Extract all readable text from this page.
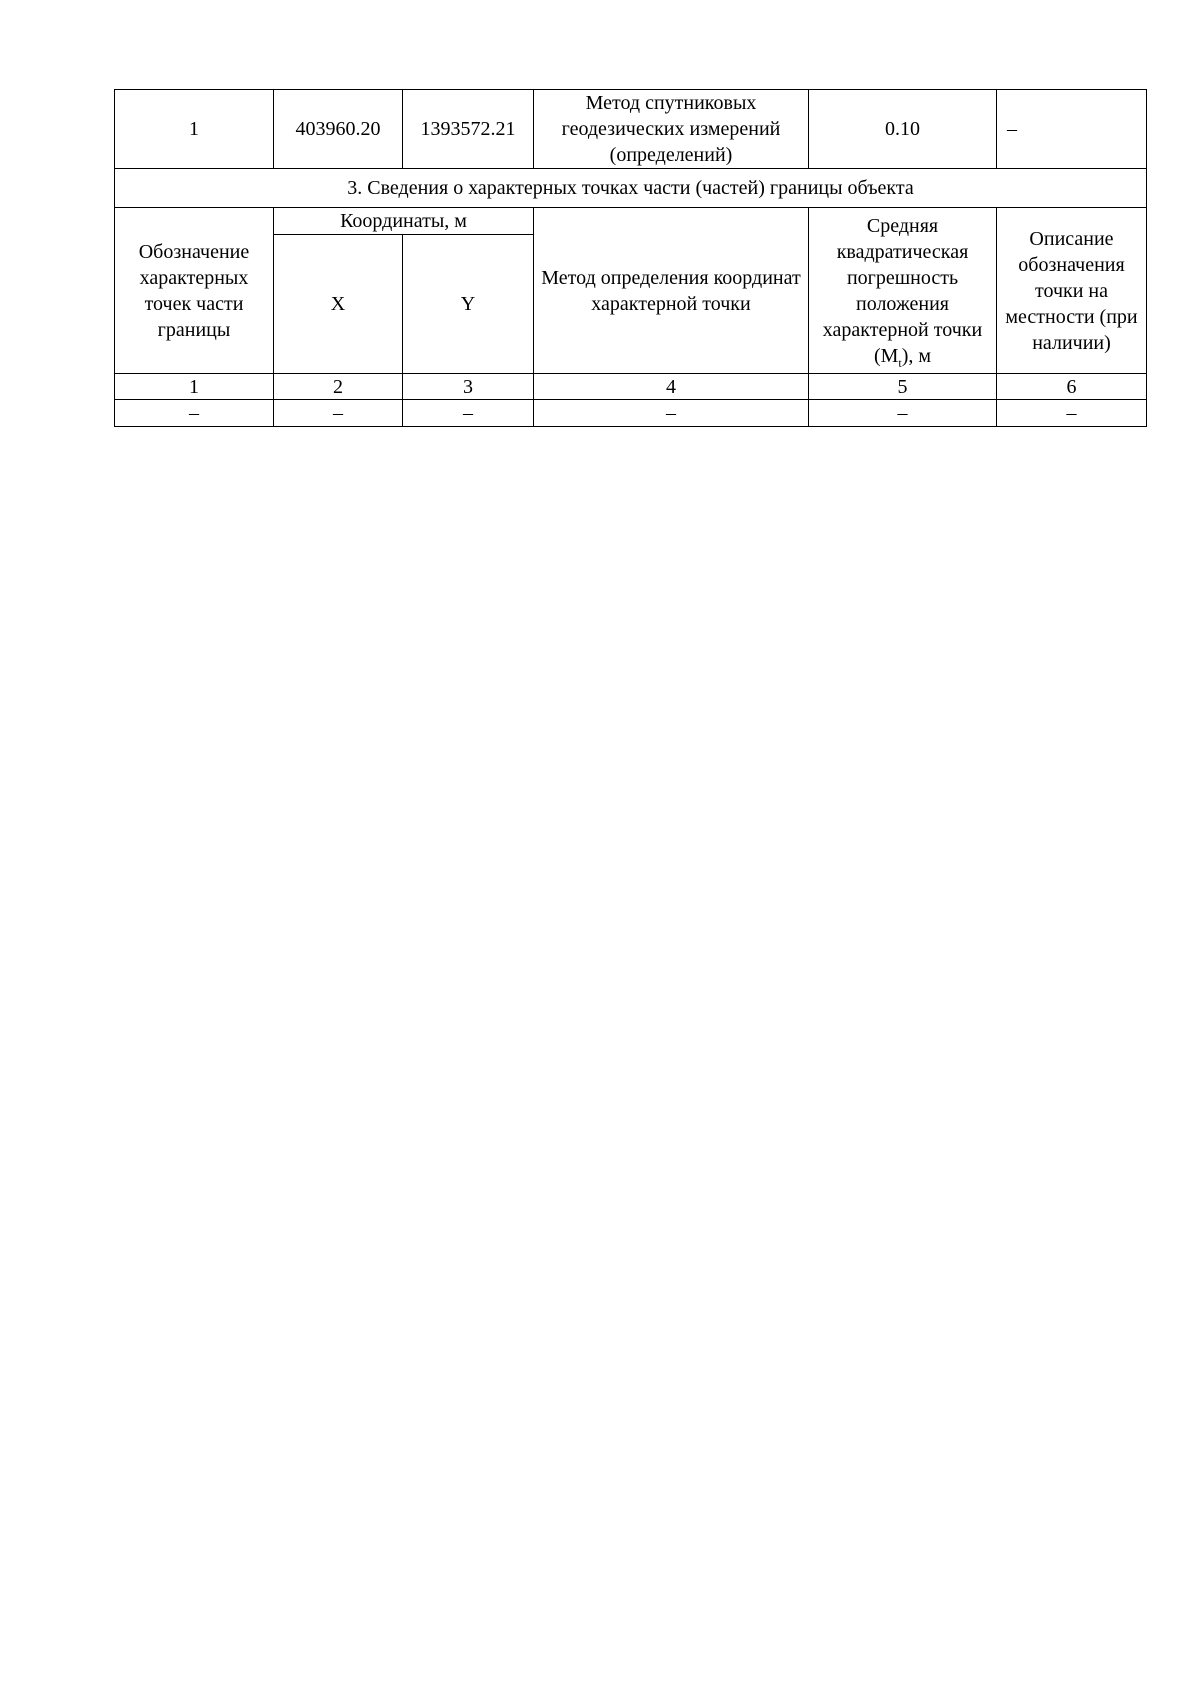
1	403960.20	1393572.21	Метод спутниковых геодезических измерений (определений)	0.10	–
3. Сведения о характерных точках части (частей) границы объекта					
Обозначение характерных точек части границы	Координаты, м		Метод определения координат характерной точки	Средняя квадратическая погрешность положения характерной точки $(M_t)$, м	Описание обозначения точки на местности (при наличии)
	X	Y			
1	2	3	4	5	6
–	–	–	–	–	–
